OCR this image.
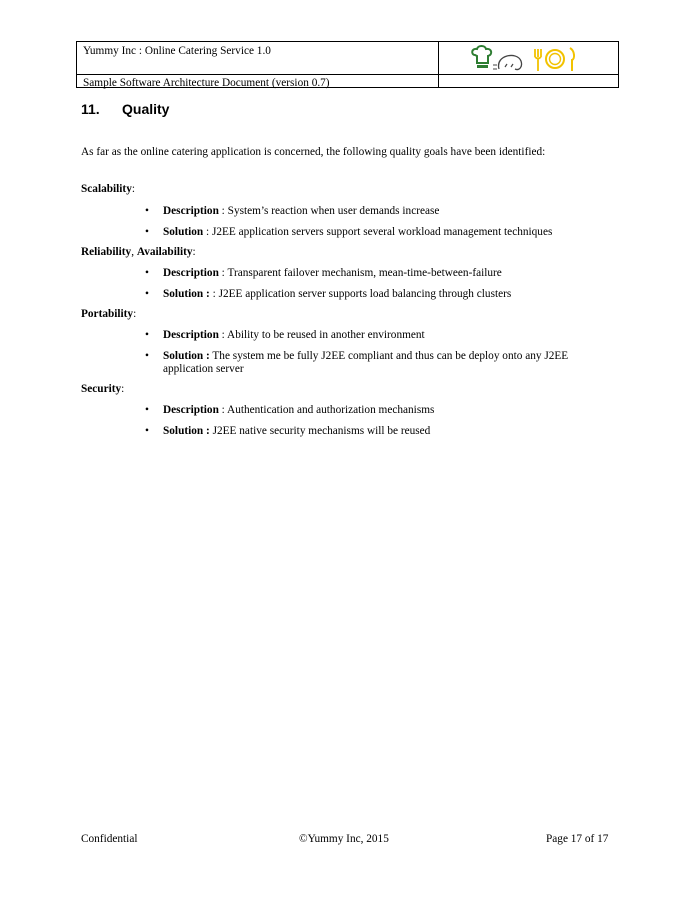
Yummy Inc : Online Catering Service 1.0
Sample Software Architecture Document (version 0.7)
11. Quality

As far as the online catering application is concerned, the following quality goals have been identified:

Scalability:

• Description : System’s reaction when user demands increase
• Solution : J2EE application servers support several workload management techniques

Reliability, Availability:

• Description : Transparent failover mechanism, mean-time-between-failure
• Solution : : J2EE application server supports load balancing through clusters

Portability:

• Description : Ability to be reused in another environment
• Solution : The system me be fully J2EE compliant and thus can be deploy onto any J2EE application server

Security:

• Description : Authentication and authorization mechanisms
• Solution : J2EE native security mechanisms will be reused
Confidential	©Yummy Inc, 2015	Page 17 of 17
